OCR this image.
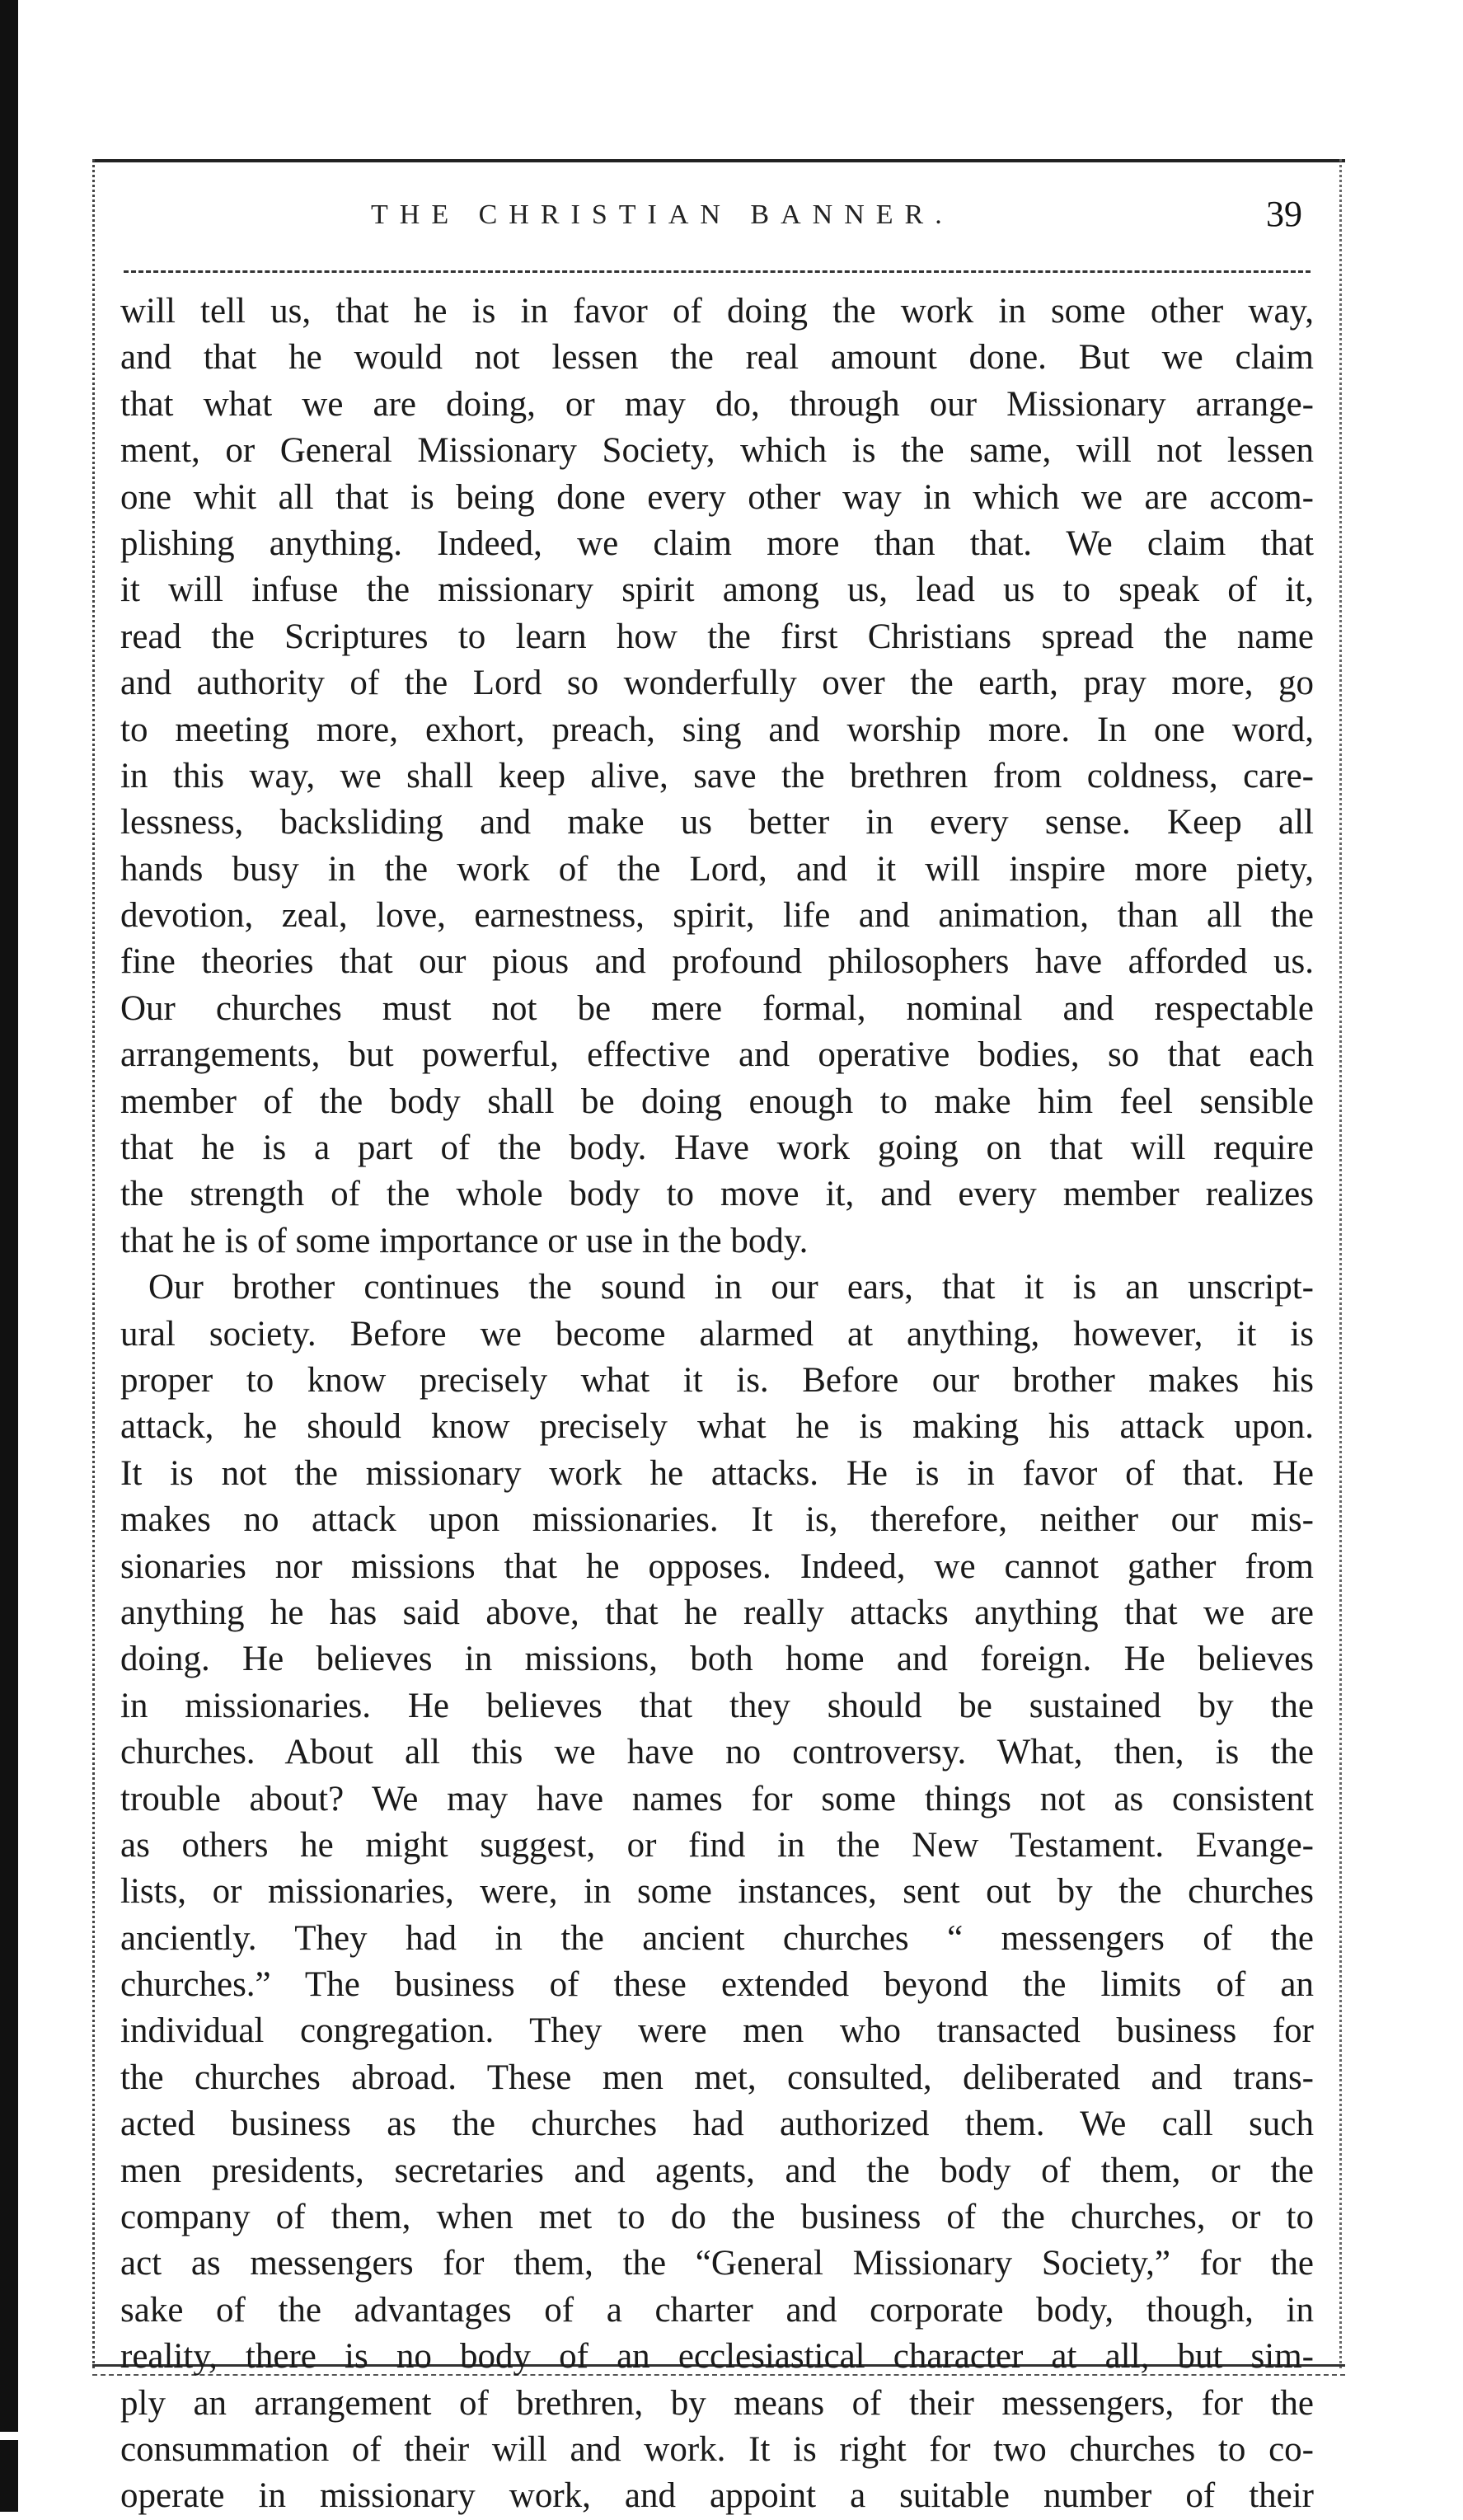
THE CHRISTIAN BANNER.	39
will tell us, that he is in favor of doing the work in some other way,
and that he would not lessen the real amount done. But we claim
that what we are doing, or may do, through our Missionary arrange-
ment, or General Missionary Society, which is the same, will not lessen
one whit all that is being done every other way in which we are accom-
plishing anything. Indeed, we claim more than that. We claim that
it will infuse the missionary spirit among us, lead us to speak of it,
read the Scriptures to learn how the first Christians spread the name
and authority of the Lord so wonderfully over the earth, pray more, go
to meeting more, exhort, preach, sing and worship more. In one word,
in this way, we shall keep alive, save the brethren from coldness, care-
lessness, backsliding and make us better in every sense. Keep all
hands busy in the work of the Lord, and it will inspire more piety,
devotion, zeal, love, earnestness, spirit, life and animation, than all the
fine theories that our pious and profound philosophers have afforded us.
Our churches must not be mere formal, nominal and respectable
arrangements, but powerful, effective and operative bodies, so that each
member of the body shall be doing enough to make him feel sensible
that he is a part of the body. Have work going on that will require
the strength of the whole body to move it, and every member realizes
that he is of some importance or use in the body.
Our brother continues the sound in our ears, that it is an unscript-
ural society. Before we become alarmed at anything, however, it is
proper to know precisely what it is. Before our brother makes his
attack, he should know precisely what he is making his attack upon.
It is not the missionary work he attacks. He is in favor of that. He
makes no attack upon missionaries. It is, therefore, neither our mis-
sionaries nor missions that he opposes. Indeed, we cannot gather from
anything he has said above, that he really attacks anything that we are
doing. He believes in missions, both home and foreign. He believes
in missionaries. He believes that they should be sustained by the
churches. About all this we have no controversy. What, then, is the
trouble about? We may have names for some things not as consistent
as others he might suggest, or find in the New Testament. Evange-
lists, or missionaries, were, in some instances, sent out by the churches
anciently. They had in the ancient churches “ messengers of the
churches.” The business of these extended beyond the limits of an
individual congregation. They were men who transacted business for
the churches abroad. These men met, consulted, deliberated and trans-
acted business as the churches had authorized them. We call such
men presidents, secretaries and agents, and the body of them, or the
company of them, when met to do the business of the churches, or to
act as messengers for them, the “General Missionary Society,” for the
sake of the advantages of a charter and corporate body, though, in
reality, there is no body of an ecclesiastical character at all, but sim-
ply an arrangement of brethren, by means of their messengers, for the
consummation of their will and work. It is right for two churches to co-
operate in missionary work, and appoint a suitable number of their
